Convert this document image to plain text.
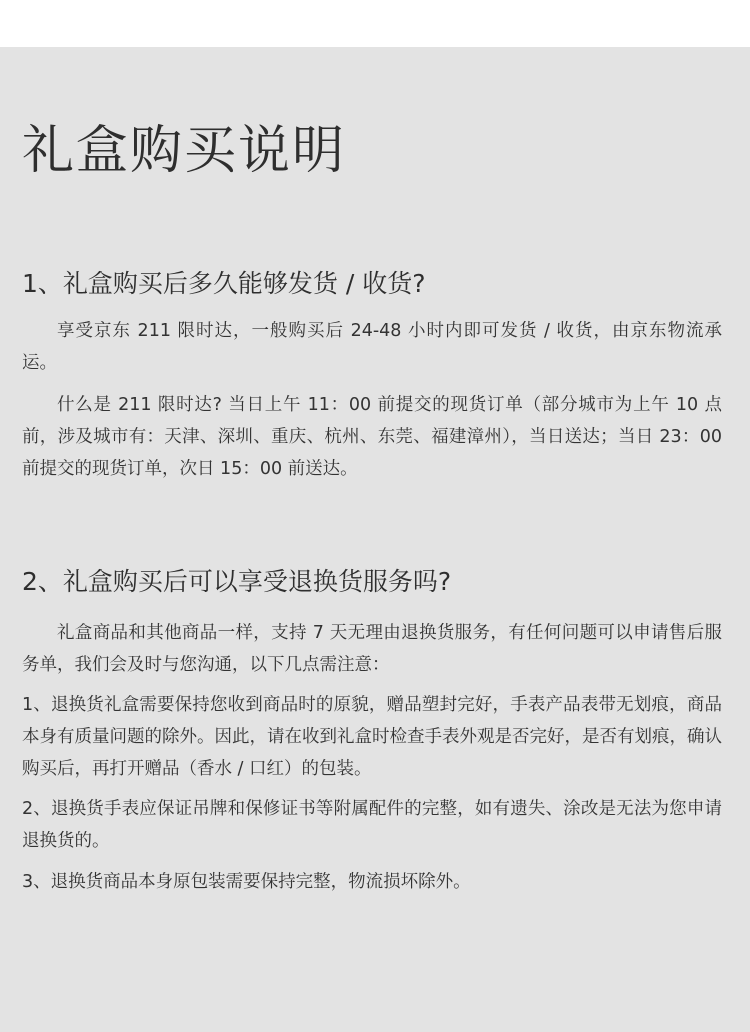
礼盒购买说明
1、礼盒购买后多久能够发货 / 收货?

享受京东 211 限时达，一般购买后 24-48 小时内即可发货 / 收货，由京东物流承运。

什么是 211 限时达? 当日上午 11：00 前提交的现货订单（部分城市为上午 10 点前，涉及城市有：天津、深圳、重庆、杭州、东莞、福建漳州），当日送达；当日 23：00 前提交的现货订单，次日 15：00 前送达。

2、礼盒购买后可以享受退换货服务吗?

礼盒商品和其他商品一样，支持 7 天无理由退换货服务，有任何问题可以申请售后服务单，我们会及时与您沟通，以下几点需注意：

1、退换货礼盒需要保持您收到商品时的原貌，赠品塑封完好，手表产品表带无划痕，商品本身有质量问题的除外。因此，请在收到礼盒时检查手表外观是否完好，是否有划痕，确认购买后，再打开赠品（香水 / 口红）的包装。

2、退换货手表应保证吊牌和保修证书等附属配件的完整，如有遗失、涂改是无法为您申请退换货的。

3、退换货商品本身原包装需要保持完整，物流损坏除外。
